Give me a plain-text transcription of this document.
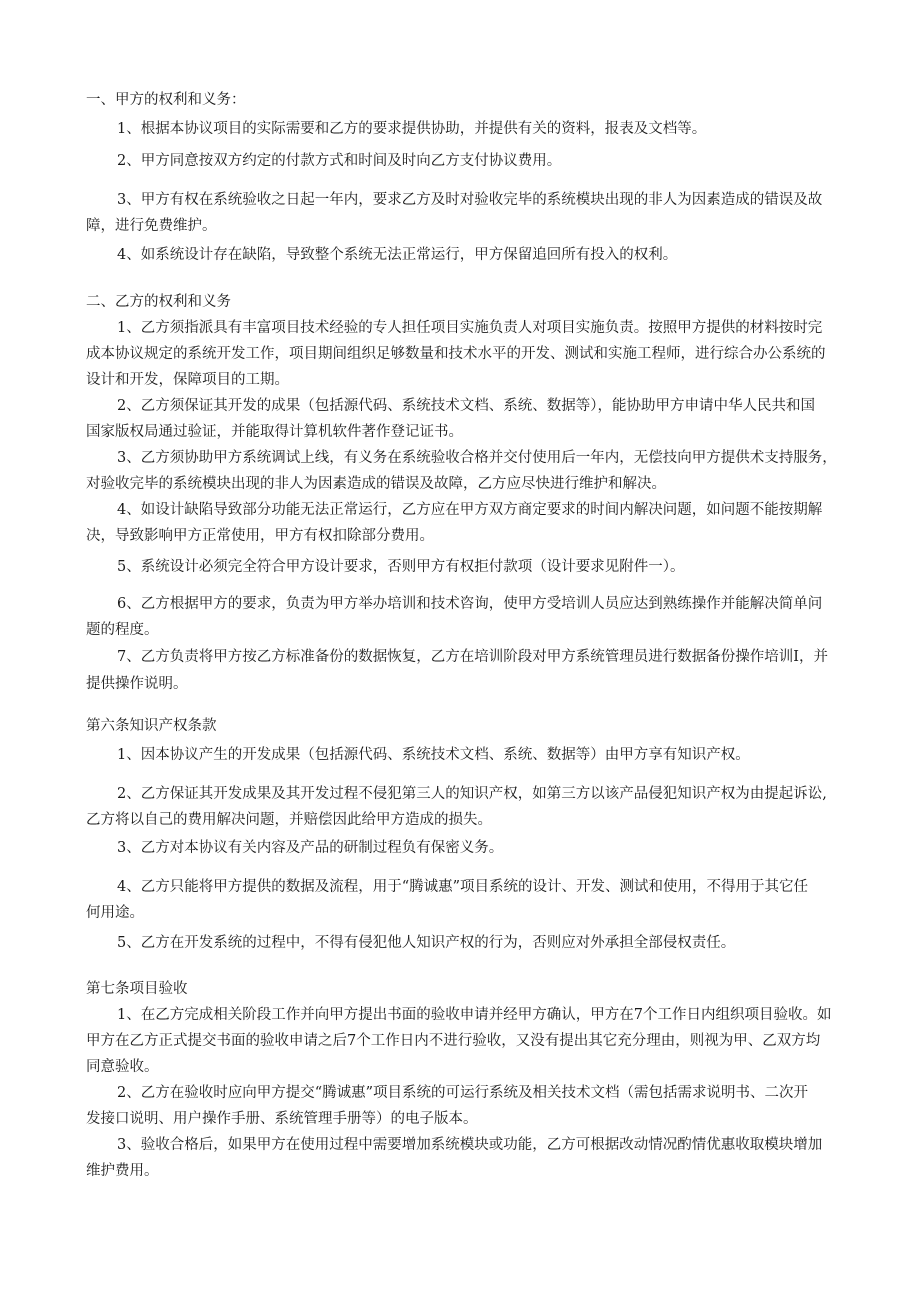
一、甲方的权利和义务：
1、根据本协议项目的实际需要和乙方的要求提供协助，并提供有关的资料，报表及文档等。
2、甲方同意按双方约定的付款方式和时间及时向乙方支付协议费用。
3、甲方有权在系统验收之日起一年内，要求乙方及时对验收完毕的系统模块出现的非人为因素造成的错误及故
障，进行免费维护。
4、如系统设计存在缺陷，导致整个系统无法正常运行，甲方保留追回所有投入的权利。
二、乙方的权利和义务
1、乙方须指派具有丰富项目技术经验的专人担任项目实施负责人对项目实施负责。按照甲方提供的材料按时完
成本协议规定的系统开发工作，项目期间组织足够数量和技术水平的开发、测试和实施工程师，进行综合办公系统的
设计和开发，保障项目的工期。
2、乙方须保证其开发的成果（包括源代码、系统技术文档、系统、数据等），能协助甲方申请中华人民共和国
国家版权局通过验证，并能取得计算机软件著作登记证书。
3、乙方须协助甲方系统调试上线，有义务在系统验收合格并交付使用后一年内，无偿技向甲方提供术支持服务，
对验收完毕的系统模块出现的非人为因素造成的错误及故障，乙方应尽快进行维护和解决。
4、如设计缺陷导致部分功能无法正常运行，乙方应在甲方双方商定要求的时间内解决问题，如问题不能按期解
决，导致影响甲方正常使用，甲方有权扣除部分费用。
5、系统设计必须完全符合甲方设计要求，否则甲方有权拒付款项（设计要求见附件一）。
6、乙方根据甲方的要求，负责为甲方举办培训和技术咨询，使甲方受培训人员应达到熟练操作并能解决简单问
题的程度。
7、乙方负责将甲方按乙方标准备份的数据恢复，乙方在培训阶段对甲方系统管理员进行数据备份操作培训I，并
提供操作说明。
第六条知识产权条款
1、因本协议产生的开发成果（包括源代码、系统技术文档、系统、数据等）由甲方享有知识产权。
2、乙方保证其开发成果及其开发过程不侵犯第三人的知识产权，如第三方以该产品侵犯知识产权为由提起诉讼,
乙方将以自己的费用解决问题，并赔偿因此给甲方造成的损失。
3、乙方对本协议有关内容及产品的研制过程负有保密义务。
4、乙方只能将甲方提供的数据及流程，用于“腾诚惠”项目系统的设计、开发、测试和使用，不得用于其它任
何用途。
5、乙方在开发系统的过程中，不得有侵犯他人知识产权的行为，否则应对外承担全部侵权责任。
第七条项目验收
1、在乙方完成相关阶段工作并向甲方提出书面的验收申请并经甲方确认，甲方在7个工作日内组织项目验收。如
甲方在乙方正式提交书面的验收申请之后7个工作日内不进行验收，又没有提出其它充分理由，则视为甲、乙双方均
同意验收。
2、乙方在验收时应向甲方提交“腾诚惠”项目系统的可运行系统及相关技术文档（需包括需求说明书、二次开
发接口说明、用户操作手册、系统管理手册等）的电子版本。
3、验收合格后，如果甲方在使用过程中需要增加系统模块或功能，乙方可根据改动情况酌情优惠收取模块增加
维护费用。
